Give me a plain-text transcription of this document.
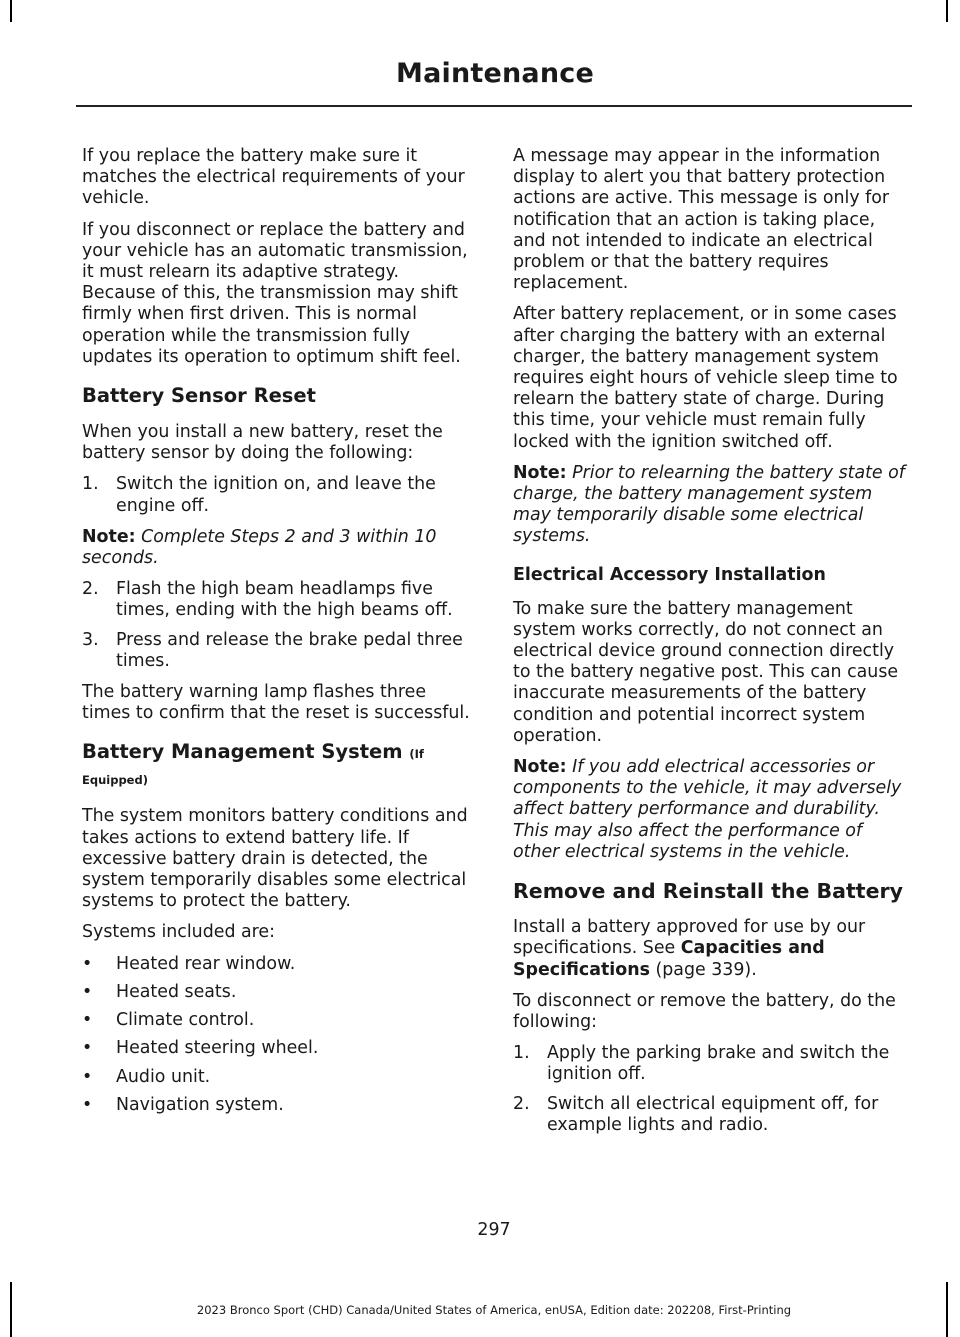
Maintenance

If you replace the battery make sure it matches the electrical requirements of your vehicle.

If you disconnect or replace the battery and your vehicle has an automatic transmission, it must relearn its adaptive strategy. Because of this, the transmission may shift firmly when first driven. This is normal operation while the transmission fully updates its operation to optimum shift feel.

Battery Sensor Reset

When you install a new battery, reset the battery sensor by doing the following:

1.	Switch the ignition on, and leave the engine off.

Note: Complete Steps 2 and 3 within 10 seconds.

2.	Flash the high beam headlamps five times, ending with the high beams off.
3.	Press and release the brake pedal three times.

The battery warning lamp flashes three times to confirm that the reset is successful.

Battery Management System (If Equipped)

The system monitors battery conditions and takes actions to extend battery life. If excessive battery drain is detected, the system temporarily disables some electrical systems to protect the battery.

Systems included are:

•	Heated rear window.
•	Heated seats.
•	Climate control.
•	Heated steering wheel.
•	Audio unit.
•	Navigation system.

A message may appear in the information display to alert you that battery protection actions are active. This message is only for notification that an action is taking place, and not intended to indicate an electrical problem or that the battery requires replacement.

After battery replacement, or in some cases after charging the battery with an external charger, the battery management system requires eight hours of vehicle sleep time to relearn the battery state of charge. During this time, your vehicle must remain fully locked with the ignition switched off.

Note: Prior to relearning the battery state of charge, the battery management system may temporarily disable some electrical systems.

Electrical Accessory Installation

To make sure the battery management system works correctly, do not connect an electrical device ground connection directly to the battery negative post. This can cause inaccurate measurements of the battery condition and potential incorrect system operation.

Note: If you add electrical accessories or components to the vehicle, it may adversely affect battery performance and durability. This may also affect the performance of other electrical systems in the vehicle.

Remove and Reinstall the Battery

Install a battery approved for use by our specifications. See Capacities and Specifications (page 339).

To disconnect or remove the battery, do the following:

1.	Apply the parking brake and switch the ignition off.
2.	Switch all electrical equipment off, for example lights and radio.
297
2023 Bronco Sport (CHD) Canada/United States of America, enUSA, Edition date: 202208, First-Printing
